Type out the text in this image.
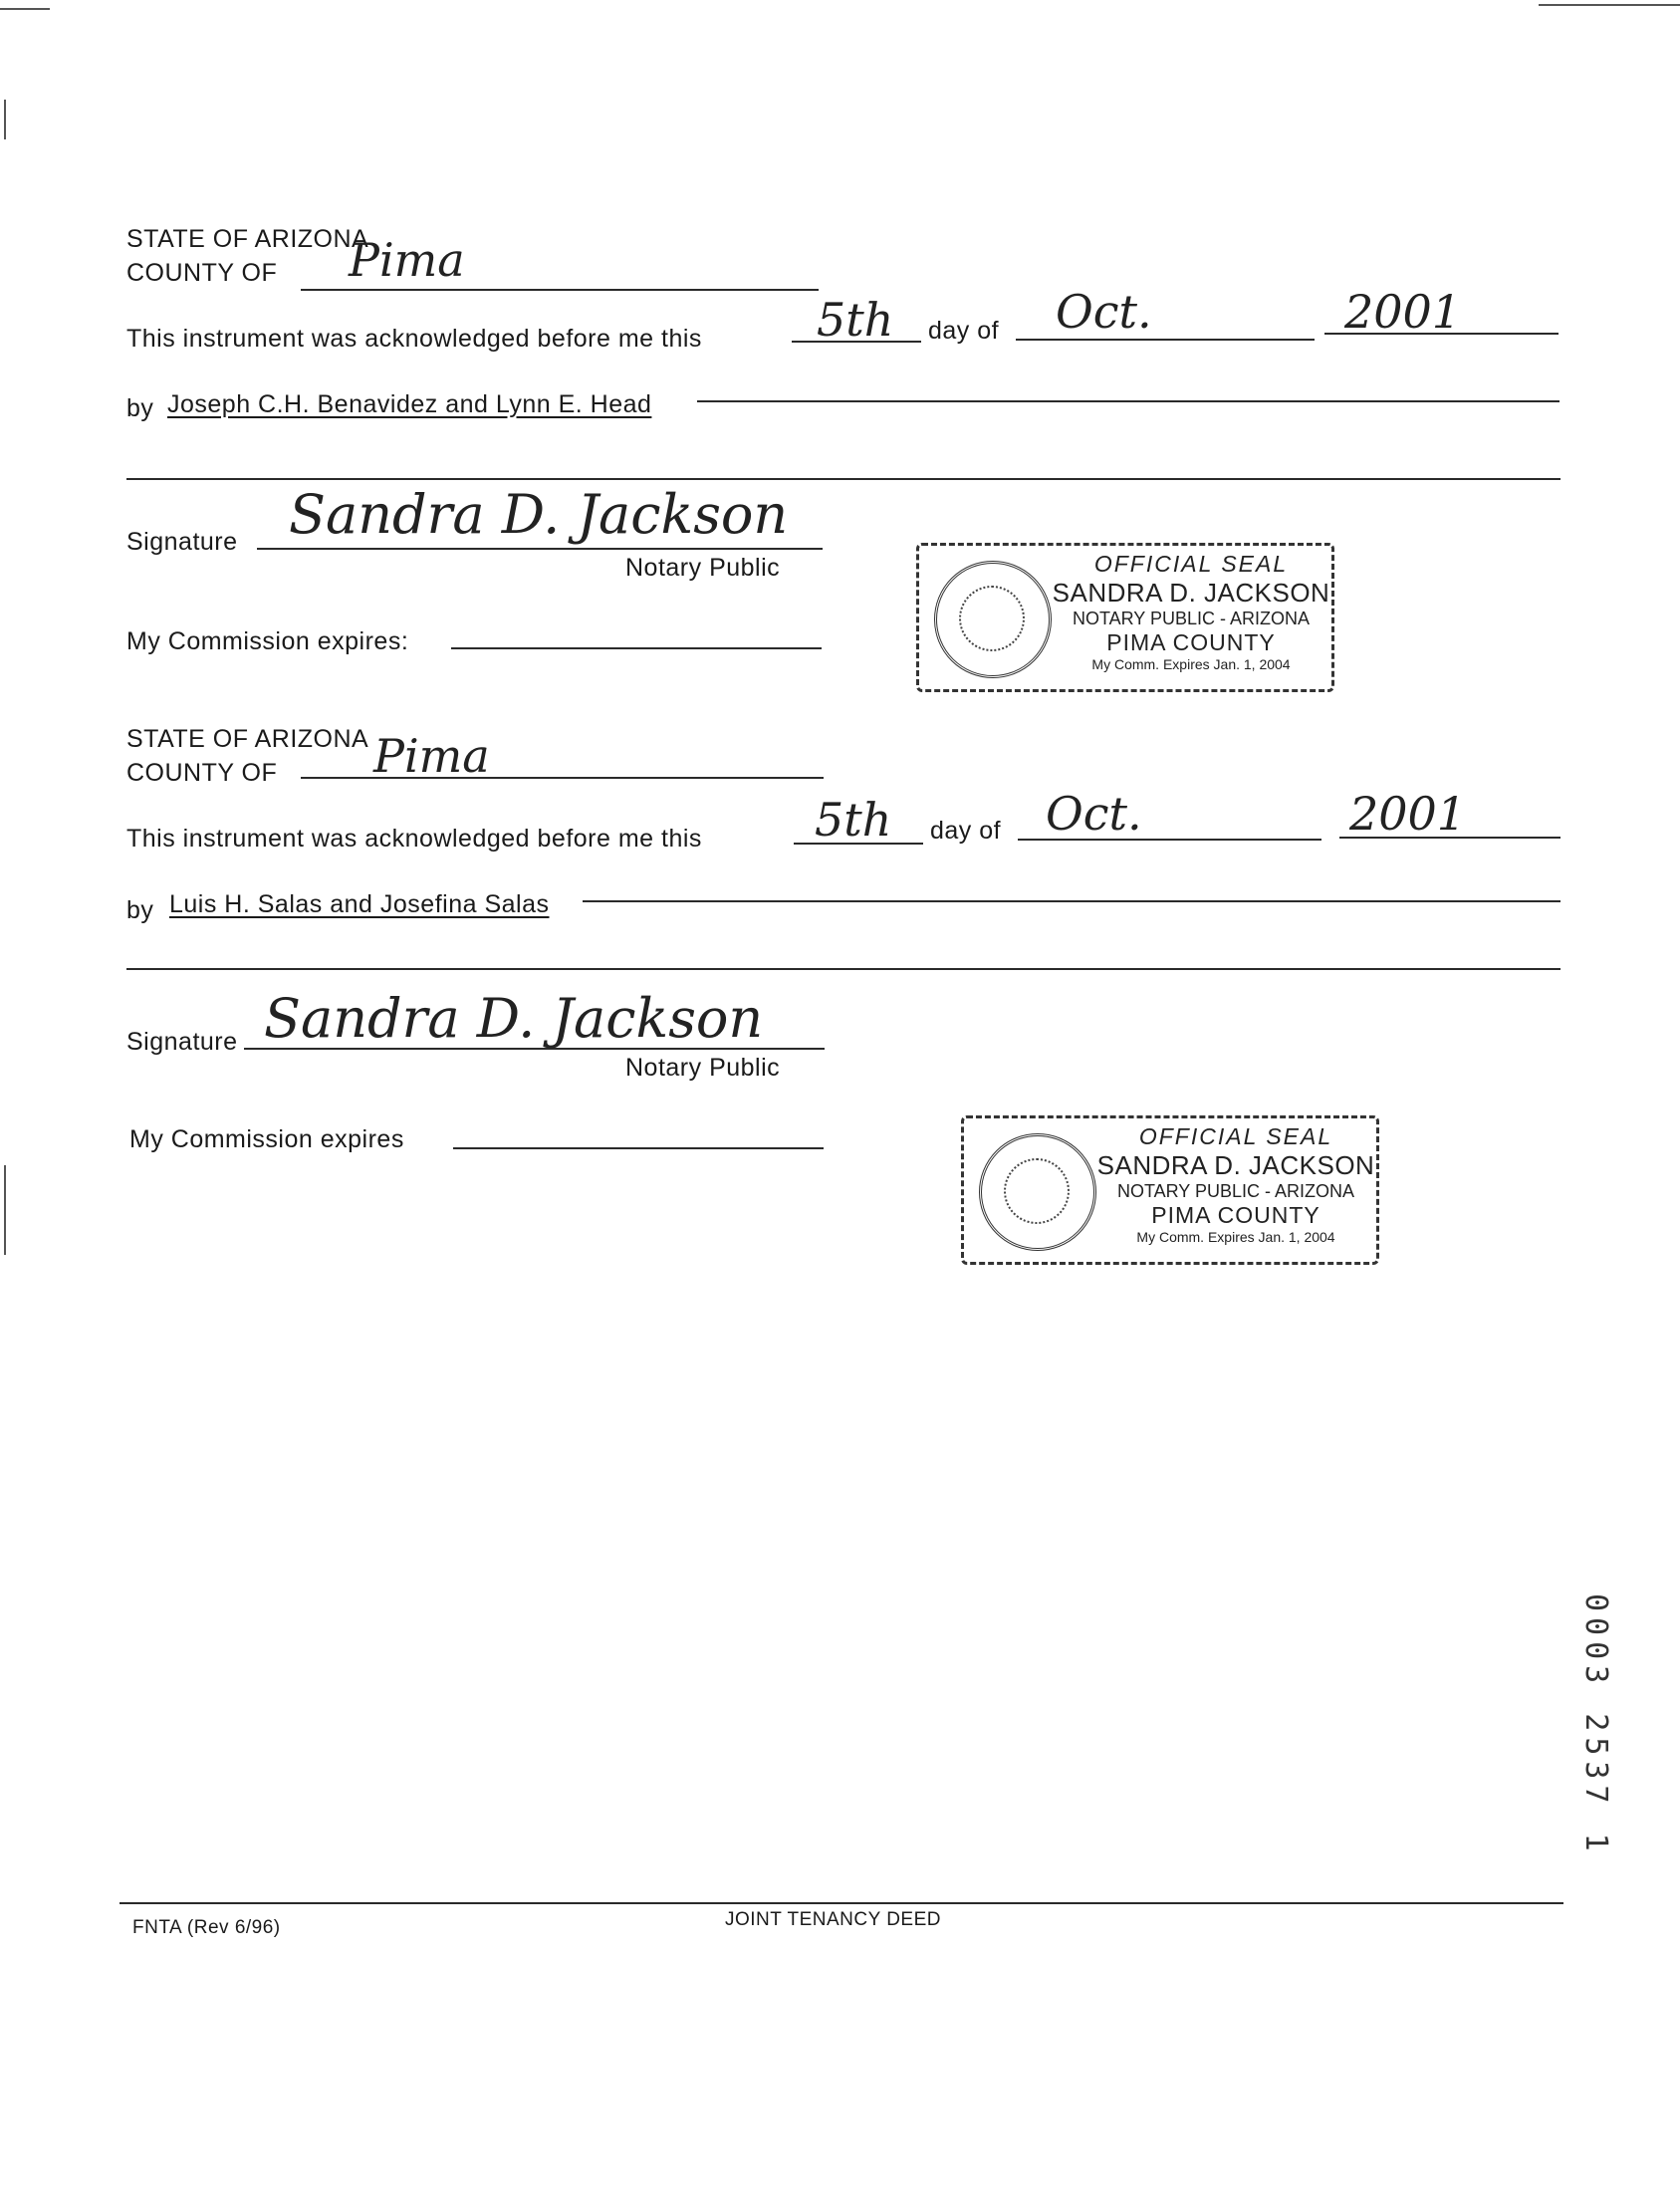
STATE OF ARIZONA
COUNTY OF Pima
This instrument was acknowledged before me this	5th day of Oct.	2001
by Joseph C.H. Benavidez and Lynn E. Head
Signature Sandra D. Jackson
Notary Public
My Commission expires:
OFFICIAL SEAL
SANDRA D. JACKSON
NOTARY PUBLIC - ARIZONA
PIMA COUNTY
My Comm. Expires Jan. 1, 2004
STATE OF ARIZONA
COUNTY OF Pima
This instrument was acknowledged before me this 5th day of Oct.	2001
by Luis H. Salas and Josefina Salas
Signature Sandra D. Jackson
Notary Public
My Commission expires	OFFICIAL SEAL
SANDRA D. JACKSON
NOTARY PUBLIC - ARIZONA
PIMA COUNTY
My Comm. Expires Jan. 1, 2004
FNTA (Rev 6/96)	JOINT TENANCY DEED
0003 2537 1
